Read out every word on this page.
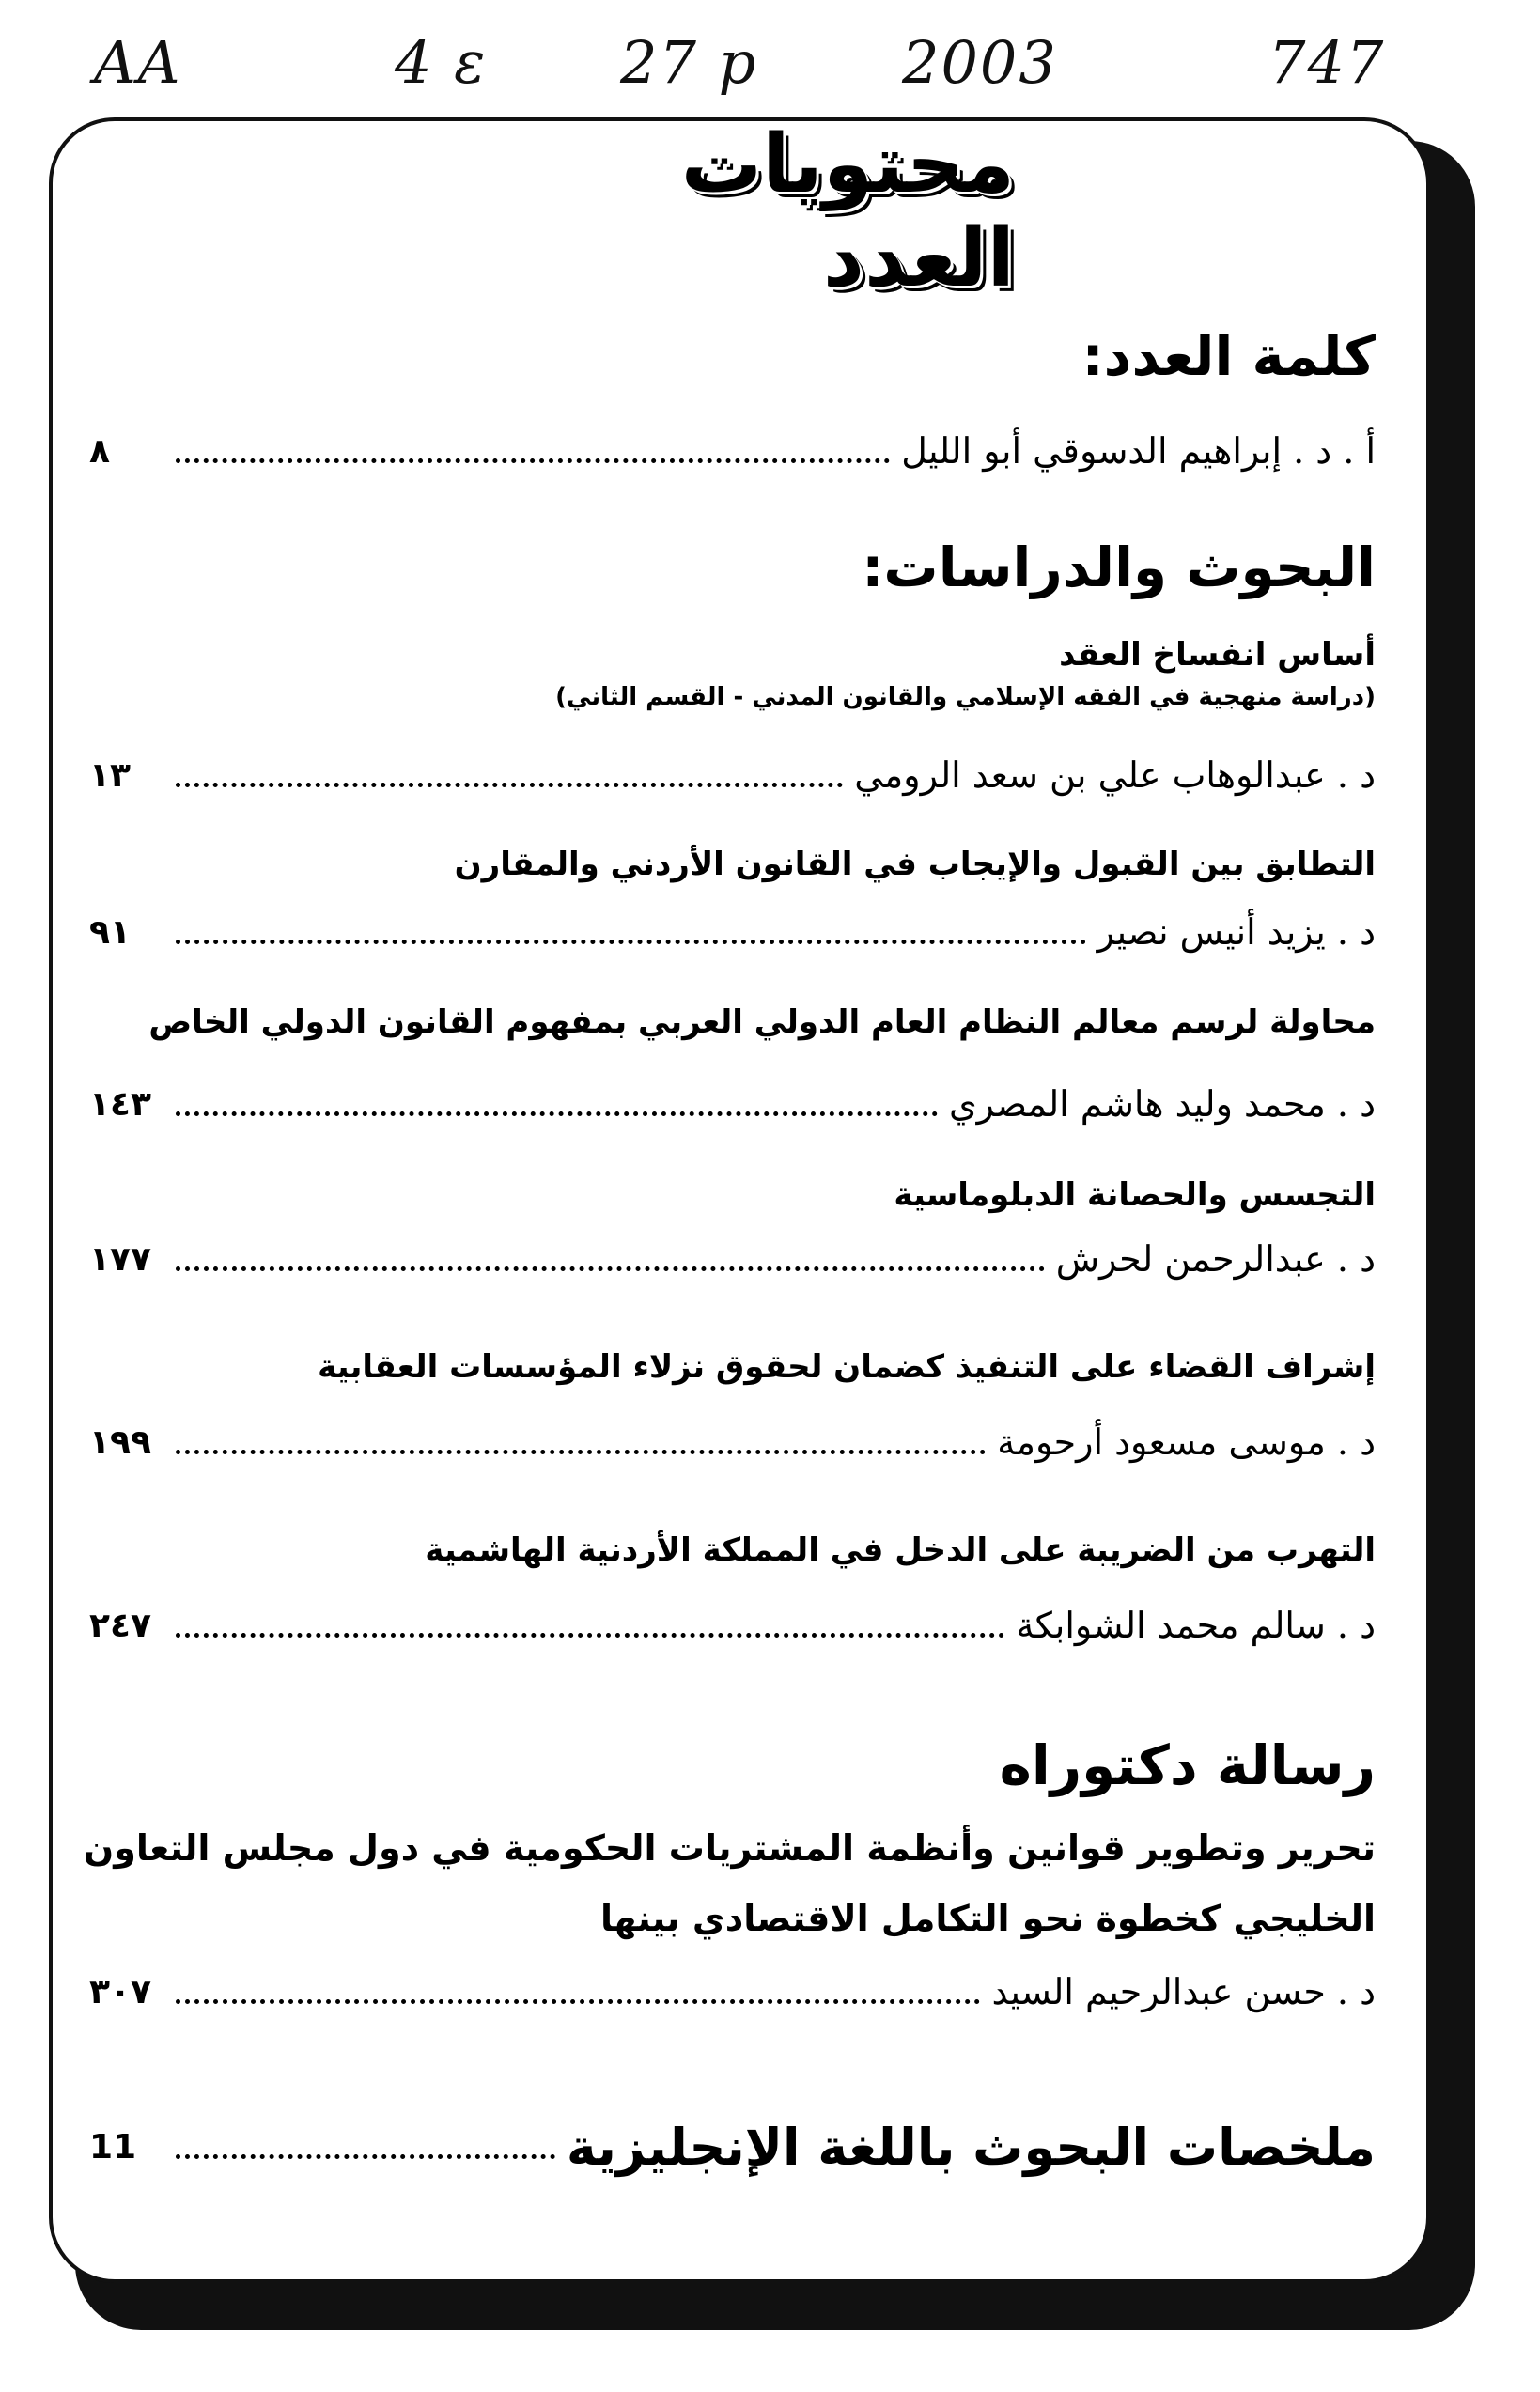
AA	4 ε 27 p 2003	747
محتويات العدد
كلمة العدد:
٨	أ . د . إبراهيم الدسوقي أبو الليل
البحوث والدراسات:
أساس انفساخ العقد
(دراسة منهجية في الفقه الإسلامي والقانون المدني - القسم الثاني)
١٣	د . عبدالوهاب علي بن سعد الرومي
التطابق بين القبول والإيجاب في القانون الأردني والمقارن
٩١	د . يزيد أنيس نصير
محاولة لرسم معالم النظام العام الدولي العربي بمفهوم القانون الدولي الخاص
١٤٣	د . محمد وليد هاشم المصري
التجسس والحصانة الدبلوماسية
١٧٧	د . عبدالرحمن لحرش
إشراف القضاء على التنفيذ كضمان لحقوق نزلاء المؤسسات العقابية
١٩٩	د . موسى مسعود أرحومة
التهرب من الضريبة على الدخل في المملكة الأردنية الهاشمية
٢٤٧	د . سالم محمد الشوابكة
رسالة دكتوراه
تحرير وتطوير قوانين وأنظمة المشتريات الحكومية في دول مجلس التعاون
الخليجي كخطوة نحو التكامل الاقتصادي بينها
٣٠٧	د . حسن عبدالرحيم السيد
11	ملخصات البحوث باللغة الإنجليزية
